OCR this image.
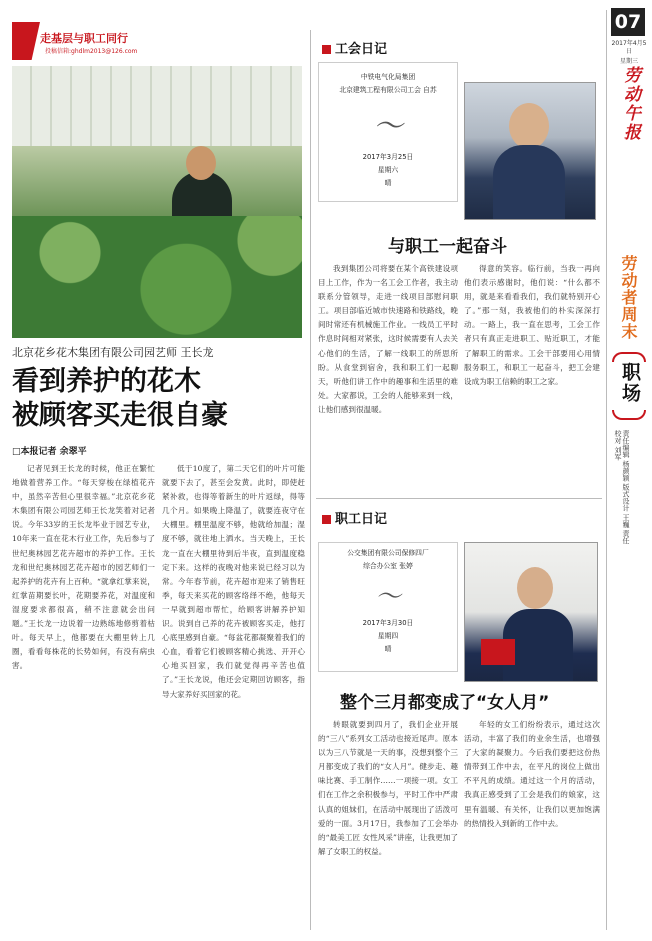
走基层与职工同行
投稿信箱:ghdlm2013@126.com
北京花乡花木集团有限公司园艺师 王长龙
看到养护的花木
被顾客买走很自豪
□本报记者 余翠平
记者见到王长龙的时候，他正在繁忙地做着营养工作。“每天穿梭在绿植花卉中，虽然辛苦但心里很幸福。”北京花乡花木集团有限公司园艺师王长龙笑着对记者说。今年33岁的王长龙毕业于园艺专业，10年来一直在花木行业工作，先后参与了世纪奥林园艺花卉超市的养护工作。王长龙和世纪奥林园艺花卉超市的园艺师们一起养护的花卉有上百种。“就拿红掌来说，红掌苗期要长叶，花期要养花，对温度和湿度要求都很高，稍不注意就会出问题。”王长龙一边说着一边熟练地修剪着枯叶。每天早上，他都要在大棚里转上几圈，看看每株花的长势如何，有没有病虫害。
低于10度了，第二天它们的叶片可能就要下去了，甚至会发黄。此时，即使赶紧补救，也得等着新生的叶片返绿，得等几个月。如果晚上降温了，就要连夜守在大棚里。棚里温度不够，他就给加温；湿度不够，就往地上洒水。当天晚上，王长龙一直在大棚里待到后半夜，直到温度稳定下来。这样的夜晚对他来说已经习以为常。今年春节前，花卉超市迎来了销售旺季，每天来买花的顾客络绎不绝，他每天一早就到超市帮忙，给顾客讲解养护知识。说到自己养的花卉被顾客买走，他打心底里感到自豪。“每盆花都凝聚着我们的心血，看着它们被顾客精心挑选、开开心心地买回家，我们就觉得再辛苦也值了。”王长龙说，他还会定期回访顾客，指导大家养好买回家的花。
工会日记
中铁电气化局集团
北京建筑工程有限公司工会 自苏
～
2017年3月25日
星期六
晴
与职工一起奋斗
我到集团公司将要在某个高铁建设项目上工作，作为一名工会工作者，我主动联系分管领导，走进一线项目部慰问职工。项目部临近城市快速路和铁路线，晚间时常还有机械施工作业。一线员工平时作息时间相对紧张，这时候需要有人去关心他们的生活，了解一线职工的所思所盼。从食堂到宿舍，我和职工们一起聊天，听他们讲工作中的趣事和生活里的难处。大家都说，工会的人能够来到一线，让他们感到很温暖。
得意的笑容。临行前，当我一再向他们表示感谢时，他们说：“什么都不用，就是来看看我们，我们就特别开心了。”那一刻，我被他们的朴实深深打动。一路上，我一直在思考，工会工作者只有真正走进职工、贴近职工，才能了解职工的需求。工会干部要用心用情服务职工，和职工一起奋斗，把工会建设成为职工信赖的职工之家。
职工日记
公交集团有限公司保修四厂
综合办公室 张婷
～
2017年3月30日
星期四
晴
整个三月都变成了“女人月”
转眼就要到四月了，我们企业开展的“三八”系列女工活动也接近尾声。原本以为三八节就是一天的事，没想到整个三月都变成了我们的“女人月”。健步走、趣味比赛、手工制作……一项接一项。女工们在工作之余积极参与，平时工作中严肃认真的姐妹们，在活动中展现出了活泼可爱的一面。3月17日，我参加了工会举办的“最美工匠 女性风采”讲座，让我更加了解了女职工的权益。
年轻的女工们纷纷表示，通过这次活动，丰富了我们的业余生活，也增强了大家的凝聚力。今后我们要把这份热情带到工作中去，在平凡的岗位上做出不平凡的成绩。通过这一个月的活动，我真正感受到了工会是我们的娘家，这里有温暖、有关怀，让我们以更加饱满的热情投入到新的工作中去。
07
2017年4月5日
星期三
劳动午报
劳动者周末
职场
责任编辑 杨颜颖 版式设计 王巍 责任校对 刘军
